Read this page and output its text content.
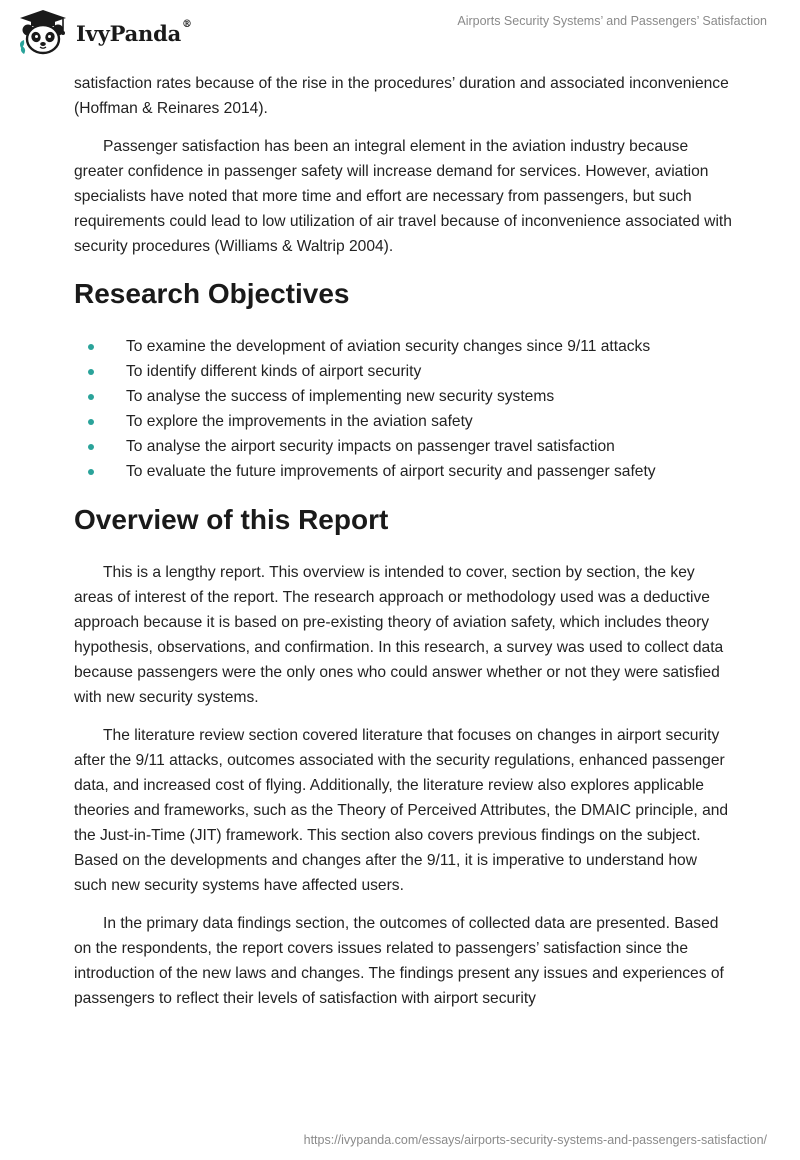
IvyPanda®	Airports Security Systems’ and Passengers’ Satisfaction

satisfaction rates because of the rise in the procedures’ duration and associated inconvenience (Hoffman & Reinares 2014).

Passenger satisfaction has been an integral element in the aviation industry because greater confidence in passenger safety will increase demand for services. However, aviation specialists have noted that more time and effort are necessary from passengers, but such requirements could lead to low utilization of air travel because of inconvenience associated with security procedures (Williams & Waltrip 2004).

Research Objectives
To examine the development of aviation security changes since 9/11 attacks
To identify different kinds of airport security
To analyse the success of implementing new security systems
To explore the improvements in the aviation safety
To analyse the airport security impacts on passenger travel satisfaction
To evaluate the future improvements of airport security and passenger safety
Overview of this Report

This is a lengthy report. This overview is intended to cover, section by section, the key areas of interest of the report. The research approach or methodology used was a deductive approach because it is based on pre-existing theory of aviation safety, which includes theory hypothesis, observations, and confirmation. In this research, a survey was used to collect data because passengers were the only ones who could answer whether or not they were satisfied with new security systems.

The literature review section covered literature that focuses on changes in airport security after the 9/11 attacks, outcomes associated with the security regulations, enhanced passenger data, and increased cost of flying. Additionally, the literature review also explores applicable theories and frameworks, such as the Theory of Perceived Attributes, the DMAIC principle, and the Just-in-Time (JIT) framework. This section also covers previous findings on the subject. Based on the developments and changes after the 9/11, it is imperative to understand how such new security systems have affected users.

In the primary data findings section, the outcomes of collected data are presented. Based on the respondents, the report covers issues related to passengers’ satisfaction since the introduction of the new laws and changes. The findings present any issues and experiences of passengers to reflect their levels of satisfaction with airport security

https://ivypanda.com/essays/airports-security-systems-and-passengers-satisfaction/
